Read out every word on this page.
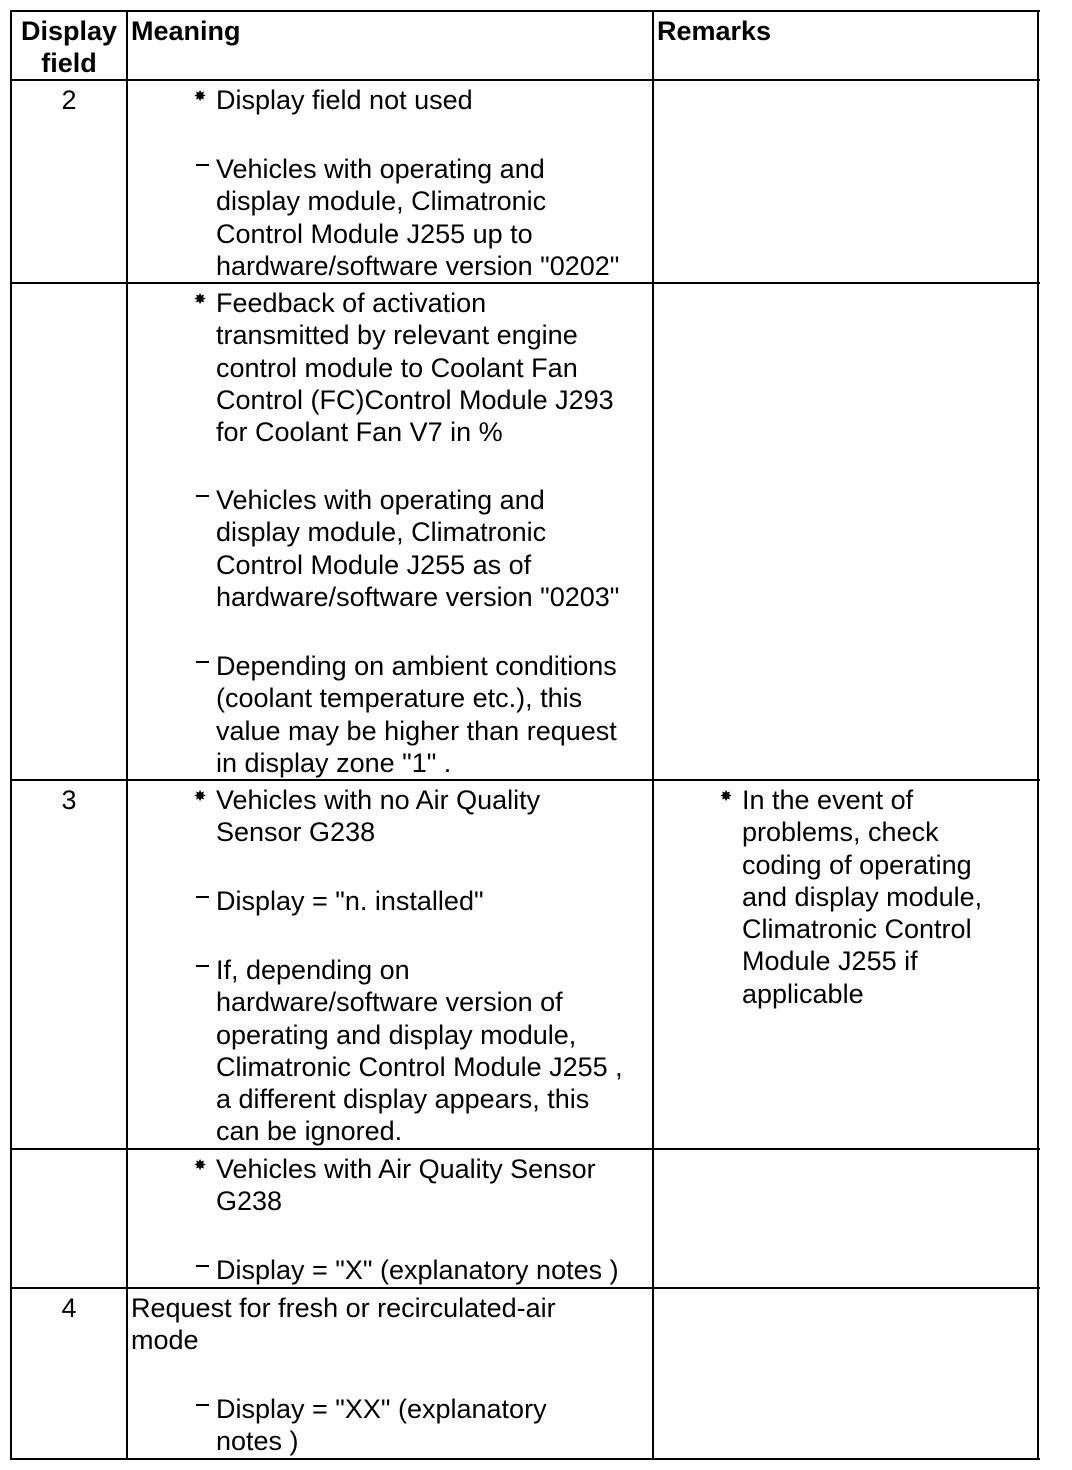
Display
field
Meaning	Remarks
2
3
4
✸ Display field not used
Vehicles with operating and
display module, Climatronic
Control Module J255 up to
hardware/software version "0202"
✸ Feedback of activation
transmitted by relevant engine
control module to Coolant Fan
Control (FC)Control Module J293
for Coolant Fan V7 in %
Vehicles with operating and
display module, Climatronic
Control Module J255 as of
hardware/software version "0203"
Depending on ambient conditions
(coolant temperature etc.), this
value may be higher than request
in display zone "1" .
✸ Vehicles with no Air Quality
Sensor G238
Display = "n. installed"
If, depending on
hardware/software version of
operating and display module,
Climatronic Control Module J255 ,
a different display appears, this
can be ignored.
✸ In the event of
problems, check
coding of operating
and display module,
Climatronic Control
Module J255 if
applicable
✸ Vehicles with Air Quality Sensor
G238
Display = "X" (explanatory notes )
Request for fresh or recirculated-air
mode
Display = "XX" (explanatory
notes )
